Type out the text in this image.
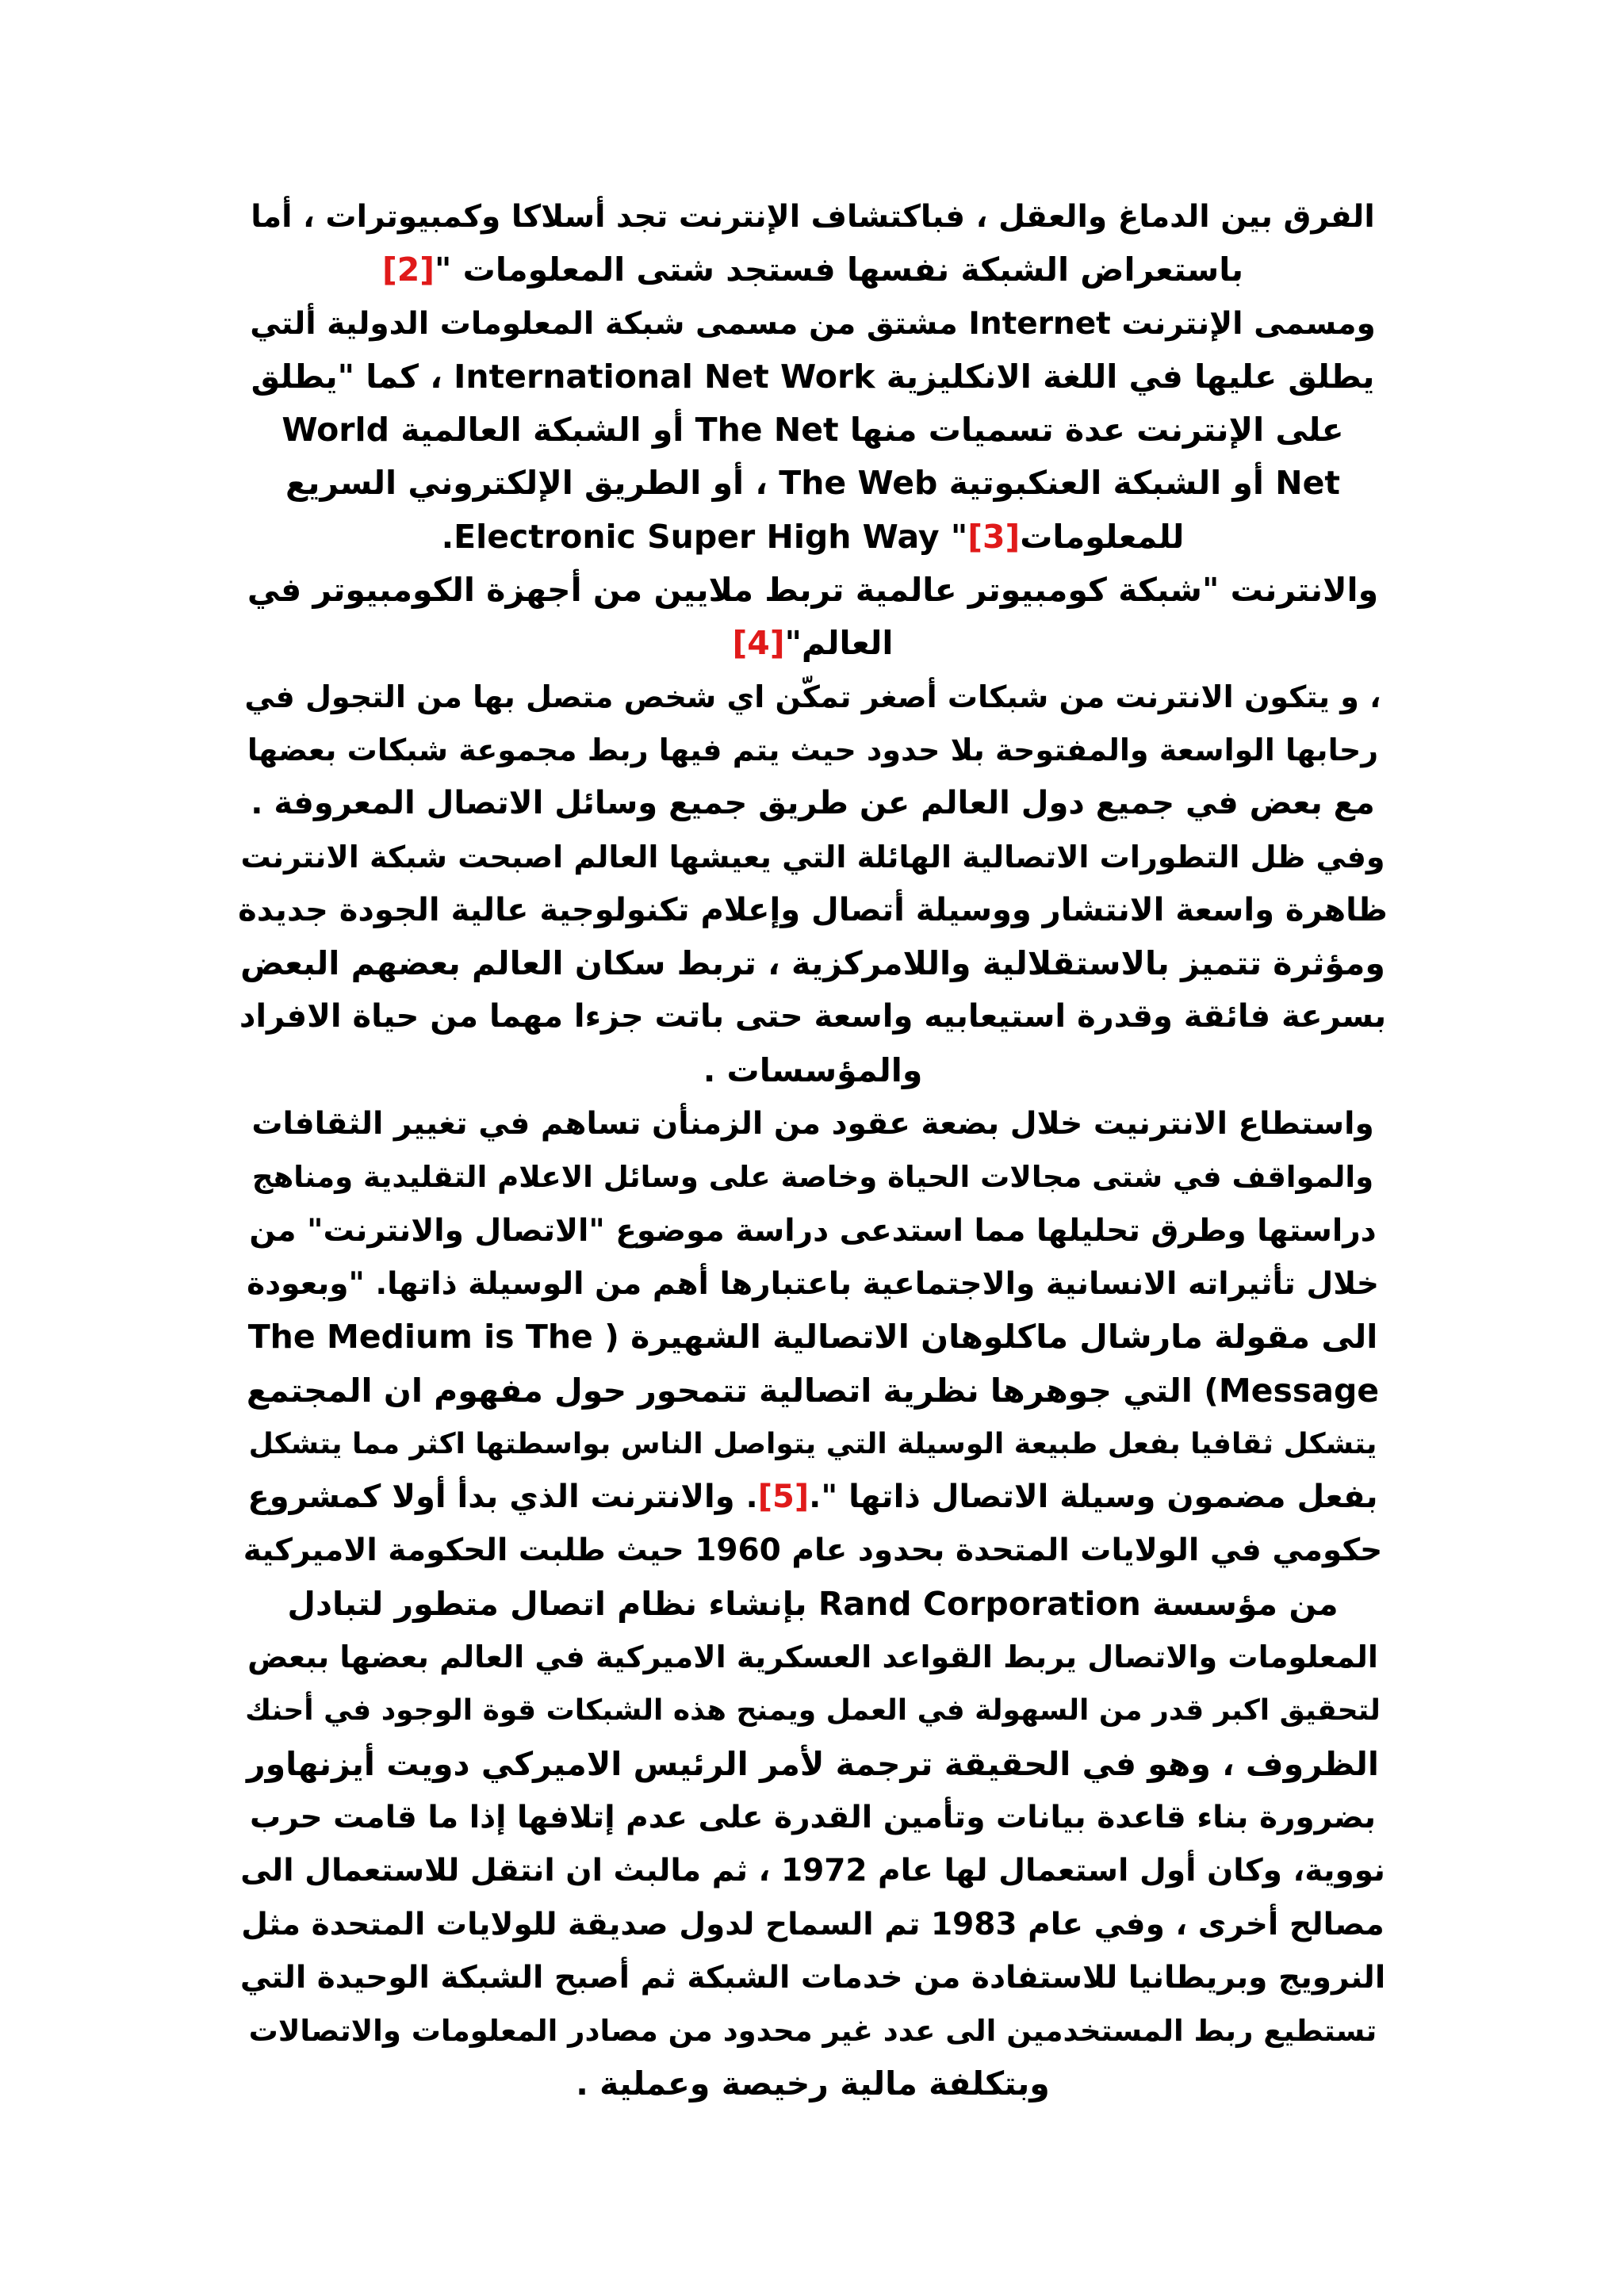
الفرق بين الدماغ والعقل ، فباكتشاف الإنترنت تجد أسلاكا وكمبيوترات ، أما
باستعراض الشبكة نفسها فستجد شتى المعلومات "[2]
ومسمى الإنترنت Internet مشتق من مسمى شبكة المعلومات الدولية ألتي
يطلق عليها في اللغة الانكليزية International Net Work ، كما "يطلق
على الإنترنت عدة تسميات منها The Net أو الشبكة العالمية World
Net أو الشبكة العنكبوتية The Web ، أو الطريق الإلكتروني السريع
للمعلوماتElectronic Super High Way "[3].
والانترنت "شبكة كومبيوتر عالمية تربط ملايين من أجهزة الكومبيوتر في
العالم"[4]
، و يتكون الانترنت من شبكات أصغر تمكّن اي شخص متصل بها من التجول في
رحابها الواسعة والمفتوحة بلا حدود حيث يتم فيها ربط مجموعة شبكات بعضها
مع بعض في جميع دول العالم عن طريق جميع وسائل الاتصال المعروفة .
وفي ظل التطورات الاتصالية الهائلة التي يعيشها العالم اصبحت شبكة الانترنت
ظاهرة واسعة الانتشار ووسيلة أتصال وإعلام تكنولوجية عالية الجودة جديدة
ومؤثرة تتميز بالاستقلالية واللامركزية ، تربط سكان العالم بعضهم البعض
بسرعة فائقة وقدرة استيعابيه واسعة حتى باتت جزءا مهما من حياة الافراد
والمؤسسات .
واستطاع الانترنيت خلال بضعة عقود من الزمنأن تساهم في تغيير الثقافات
والمواقف في شتى مجالات الحياة وخاصة على وسائل الاعلام التقليدية ومناهج
دراستها وطرق تحليلها مما استدعى دراسة موضوع "الاتصال والانترنت" من
خلال تأثيراته الانسانية والاجتماعية باعتبارها أهم من الوسيلة ذاتها. "وبعودة
الى مقولة مارشال ماكلوهان الاتصالية الشهيرة ( The Medium is The
Message) التي جوهرها نظرية اتصالية تتمحور حول مفهوم ان المجتمع
يتشكل ثقافيا بفعل طبيعة الوسيلة التي يتواصل الناس بواسطتها اكثر مما يتشكل
بفعل مضمون وسيلة الاتصال ذاتها ".[5]. والانترنت الذي بدأ أولا كمشروع
حكومي في الولايات المتحدة بحدود عام 1960 حيث طلبت الحكومة الاميركية
من مؤسسة Rand Corporation بإنشاء نظام اتصال متطور لتبادل
المعلومات والاتصال يربط القواعد العسكرية الاميركية في العالم بعضها ببعض
لتحقيق اكبر قدر من السهولة في العمل ويمنح هذه الشبكات قوة الوجود في أحنك
الظروف ، وهو في الحقيقة ترجمة لأمر الرئيس الاميركي دويت أيزنهاور
بضرورة بناء قاعدة بيانات وتأمين القدرة على عدم إتلافها إذا ما قامت حرب
نووية، وكان أول استعمال لها عام 1972 ، ثم مالبث ان انتقل للاستعمال الى
مصالح أخرى ، وفي عام 1983 تم السماح لدول صديقة للولايات المتحدة مثل
النرويج وبريطانيا للاستفادة من خدمات الشبكة ثم أصبح الشبكة الوحيدة التي
تستطيع ربط المستخدمين الى عدد غير محدود من مصادر المعلومات والاتصالات
وبتكلفة مالية رخيصة وعملية .
